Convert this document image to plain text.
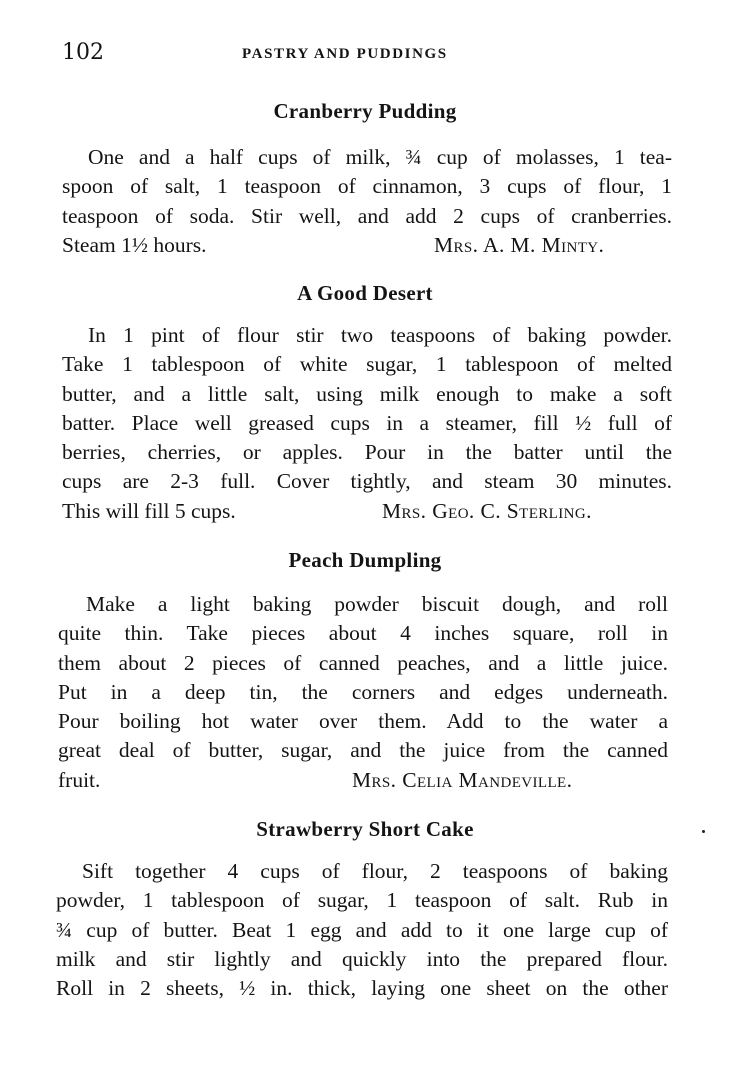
102	PASTRY AND PUDDINGS
Cranberry Pudding
One and a half cups of milk, ¾ cup of molasses, 1 tea-
spoon of salt, 1 teaspoon of cinnamon, 3 cups of flour, 1
teaspoon of soda. Stir well, and add 2 cups of cranberries.
Steam 1½ hours.	Mrs. A. M. Minty.
A Good Desert
In 1 pint of flour stir two teaspoons of baking powder.
Take 1 tablespoon of white sugar, 1 tablespoon of melted
butter, and a little salt, using milk enough to make a soft
batter. Place well greased cups in a steamer, fill ½ full of
berries, cherries, or apples. Pour in the batter until the
cups are 2-3 full. Cover tightly, and steam 30 minutes.
This will fill 5 cups.	Mrs. Geo. C. Sterling.
Peach Dumpling
Make a light baking powder biscuit dough, and roll
quite thin. Take pieces about 4 inches square, roll in
them about 2 pieces of canned peaches, and a little juice.
Put in a deep tin, the corners and edges underneath.
Pour boiling hot water over them. Add to the water a
great deal of butter, sugar, and the juice from the canned
fruit.	Mrs. Celia Mandeville.
Strawberry Short Cake
Sift together 4 cups of flour, 2 teaspoons of baking
powder, 1 tablespoon of sugar, 1 teaspoon of salt. Rub in
¾ cup of butter. Beat 1 egg and add to it one large cup of
milk and stir lightly and quickly into the prepared flour.
Roll in 2 sheets, ½ in. thick, laying one sheet on the other
